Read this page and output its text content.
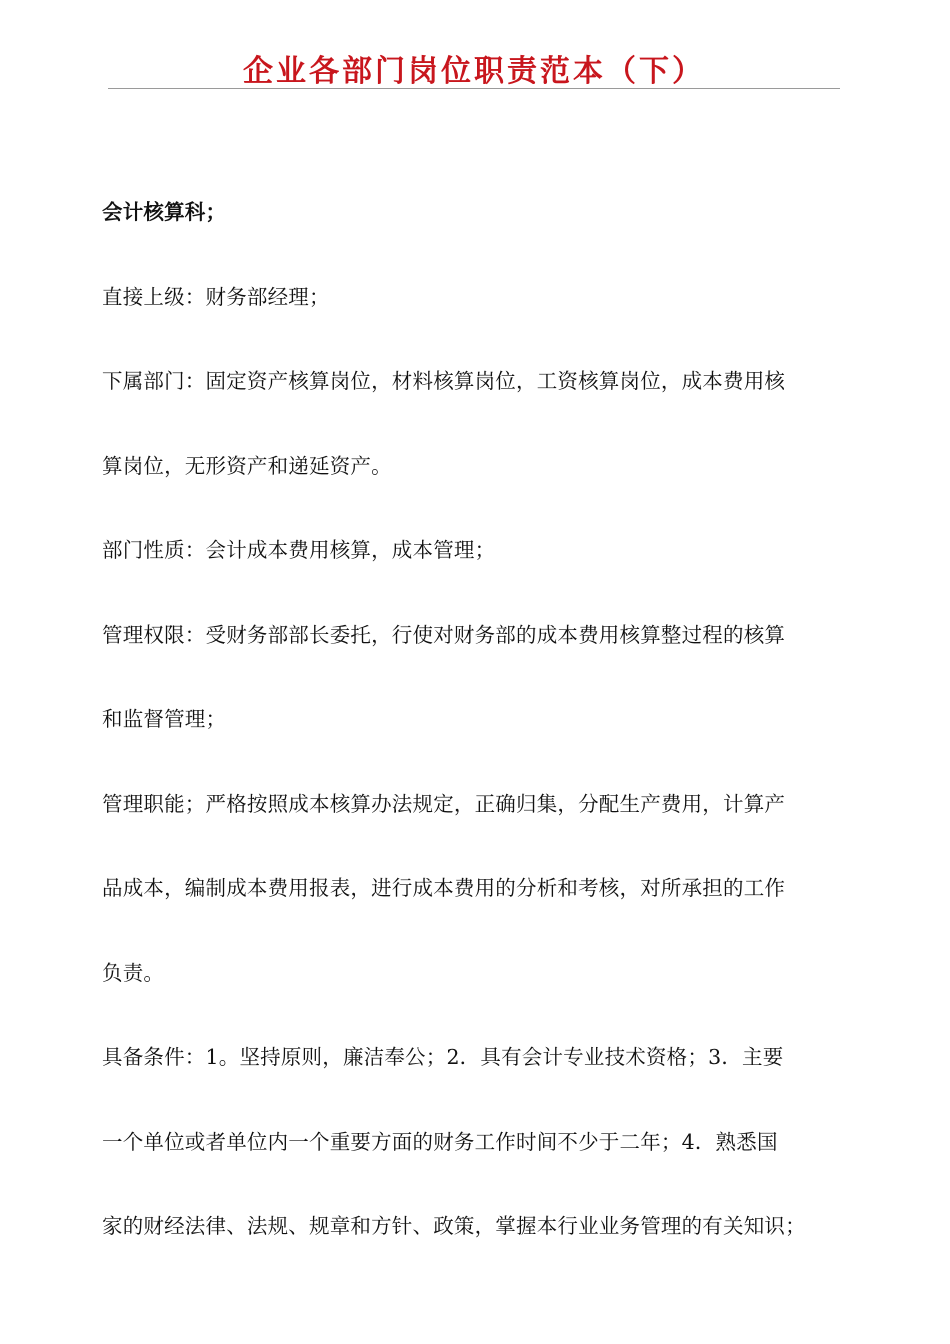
企业各部门岗位职责范本（下）
会计核算科；
直接上级：财务部经理；
下属部门：固定资产核算岗位，材料核算岗位，工资核算岗位，成本费用核
算岗位，无形资产和递延资产。
部门性质：会计成本费用核算，成本管理；
管理权限：受财务部部长委托，行使对财务部的成本费用核算整过程的核算
和监督管理；
管理职能；严格按照成本核算办法规定，正确归集，分配生产费用，计算产
品成本，编制成本费用报表，进行成本费用的分析和考核，对所承担的工作
负责。
具备条件：1。坚持原则，廉洁奉公；2．具有会计专业技术资格；3．主要
一个单位或者单位内一个重要方面的财务工作时间不少于二年；4．熟悉国
家的财经法律、法规、规章和方针、政策，掌握本行业业务管理的有关知识；
